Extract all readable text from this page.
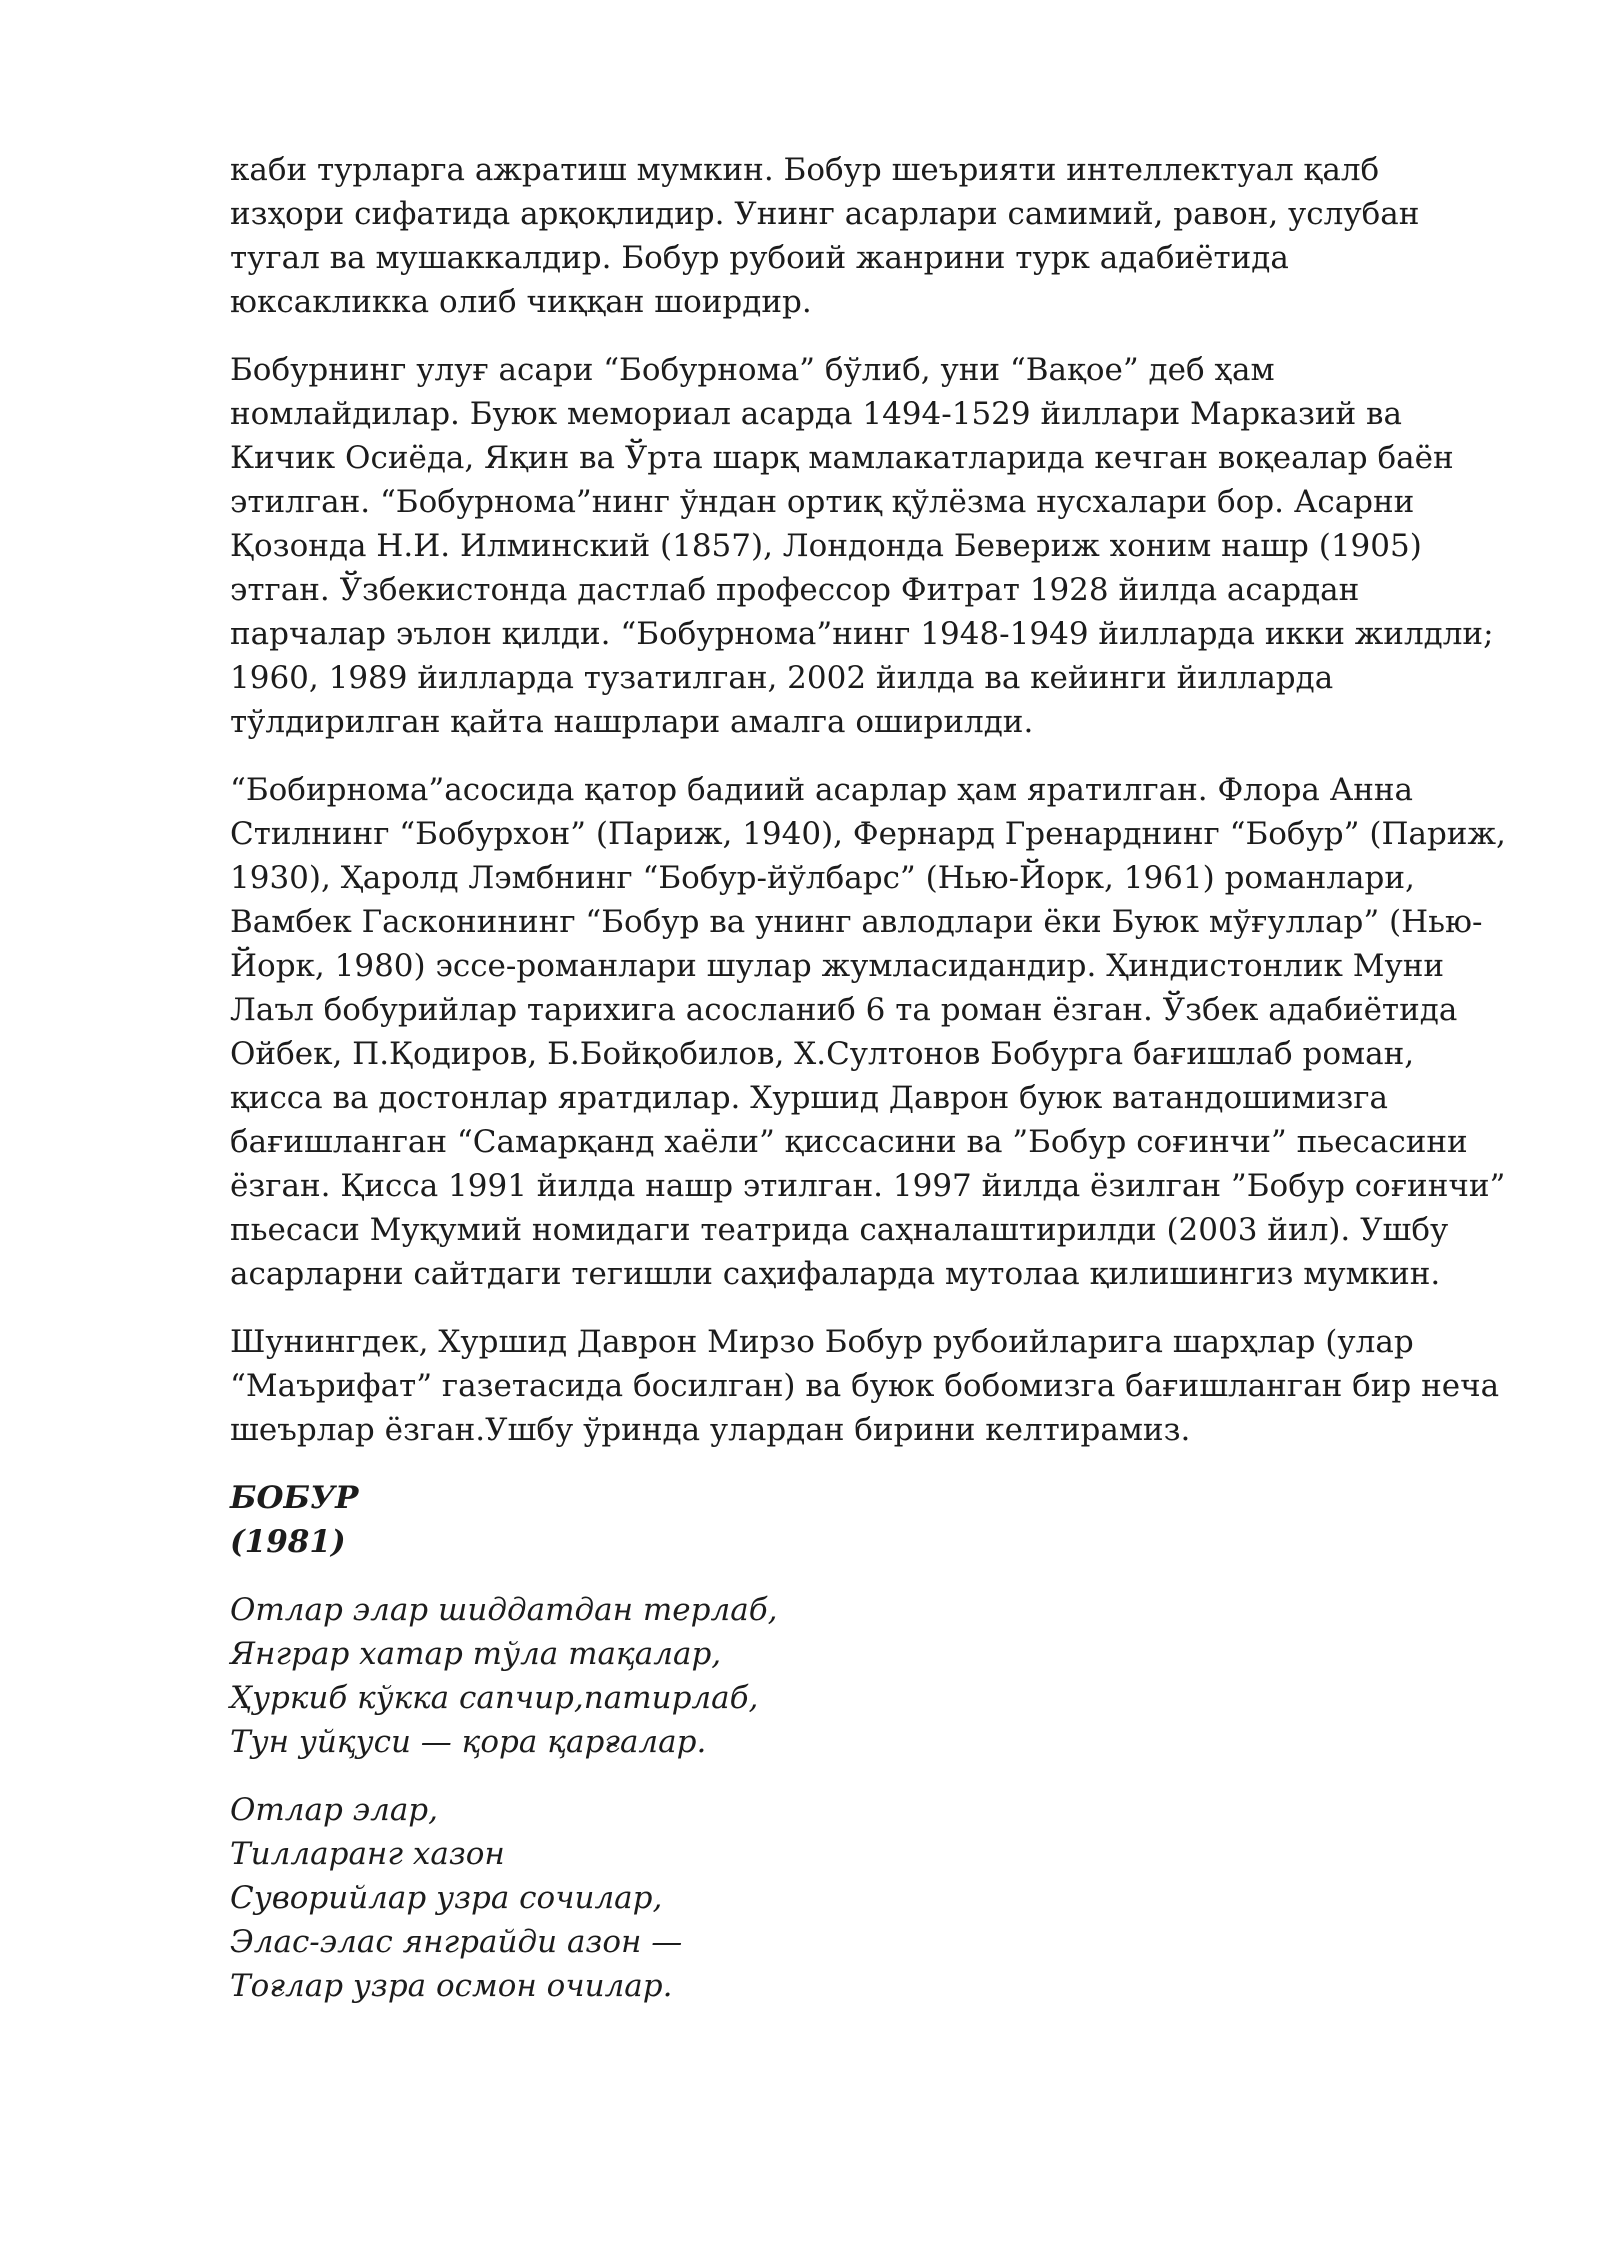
каби турларга ажратиш мумкин. Бобур шеърияти интеллектуал қалб
изҳори сифатида арқоқлидир. Унинг асарлари самимий, равон, услубан
тугал ва мушаккалдир. Бобур рубоий жанрини турк адабиётида
юксакликка олиб чиққан шоирдир.
Бобурнинг улуғ асари “Бобурнома” бўлиб, уни “Вақое” деб ҳам
номлайдилар. Буюк мемориал асарда 1494-1529 йиллари Марказий ва
Кичик Осиёда, Яқин ва Ўрта шарқ мамлакатларида кечган воқеалар баён
этилган. “Бобурнома”нинг ўндан ортиқ қўлёзма нусхалари бор. Асарни
Қозонда Н.И. Илминский (1857), Лондонда Бевериж хоним нашр (1905)
этган. Ўзбекистонда дастлаб профессор Фитрат 1928 йилда асардан
парчалар эълон қилди. “Бобурнома”нинг 1948-1949 йилларда икки жилдли;
1960, 1989 йилларда тузатилган, 2002 йилда ва кейинги йилларда
тўлдирилган қайта нашрлари амалга оширилди.
“Бобирнома”асосида қатор бадиий асарлар ҳам яратилган. Флора Анна
Стилнинг “Бобурхон” (Париж, 1940), Фернард Гренарднинг “Бобур” (Париж,
1930), Ҳаролд Лэмбнинг “Бобур-йўлбарс” (Нью-Йорк, 1961) романлари,
Вамбек Гасконининг “Бобур ва унинг авлодлари ёки Буюк мўғуллар” (Нью-
Йорк, 1980) эссе-романлари шулар жумласидандир. Ҳиндистонлик Муни
Лаъл бобурийлар тарихига асосланиб 6 та роман ёзган. Ўзбек адабиётида
Ойбек, П.Қодиров, Б.Бойқобилов, Х.Султонов Бобурга бағишлаб роман,
қисса ва достонлар яратдилар. Хуршид Даврон буюк ватандошимизга
бағишланган “Самарқанд хаёли” қиссасини ва ”Бобур соғинчи” пьесасини
ёзган. Қисса 1991 йилда нашр этилган. 1997 йилда ёзилган ”Бобур соғинчи”
пьесаси Муқумий номидаги театрида саҳналаштирилди (2003 йил). Ушбу
асарларни сайтдаги тегишли саҳифаларда мутолаа қилишингиз мумкин.
Шунингдек, Хуршид Даврон Мирзо Бобур рубоийларига шарҳлар (улар
“Маърифат” газетасида босилган) ва буюк бобомизга бағишланган бир неча
шеърлар ёзган.Ушбу ўринда улардан бирини келтирамиз.
БОБУР
(1981)
Отлар элар шиддатдан терлаб,
Янграр хатар тўла тақалар,
Ҳуркиб кўкка сапчир,патирлаб,
Тун уйқуси — қора қарғалар.
Отлар элар,
Тилларанг хазон
Суворийлар узра сочилар,
Элас-элас янграйди азон —
Тоғлар узра осмон очилар.
